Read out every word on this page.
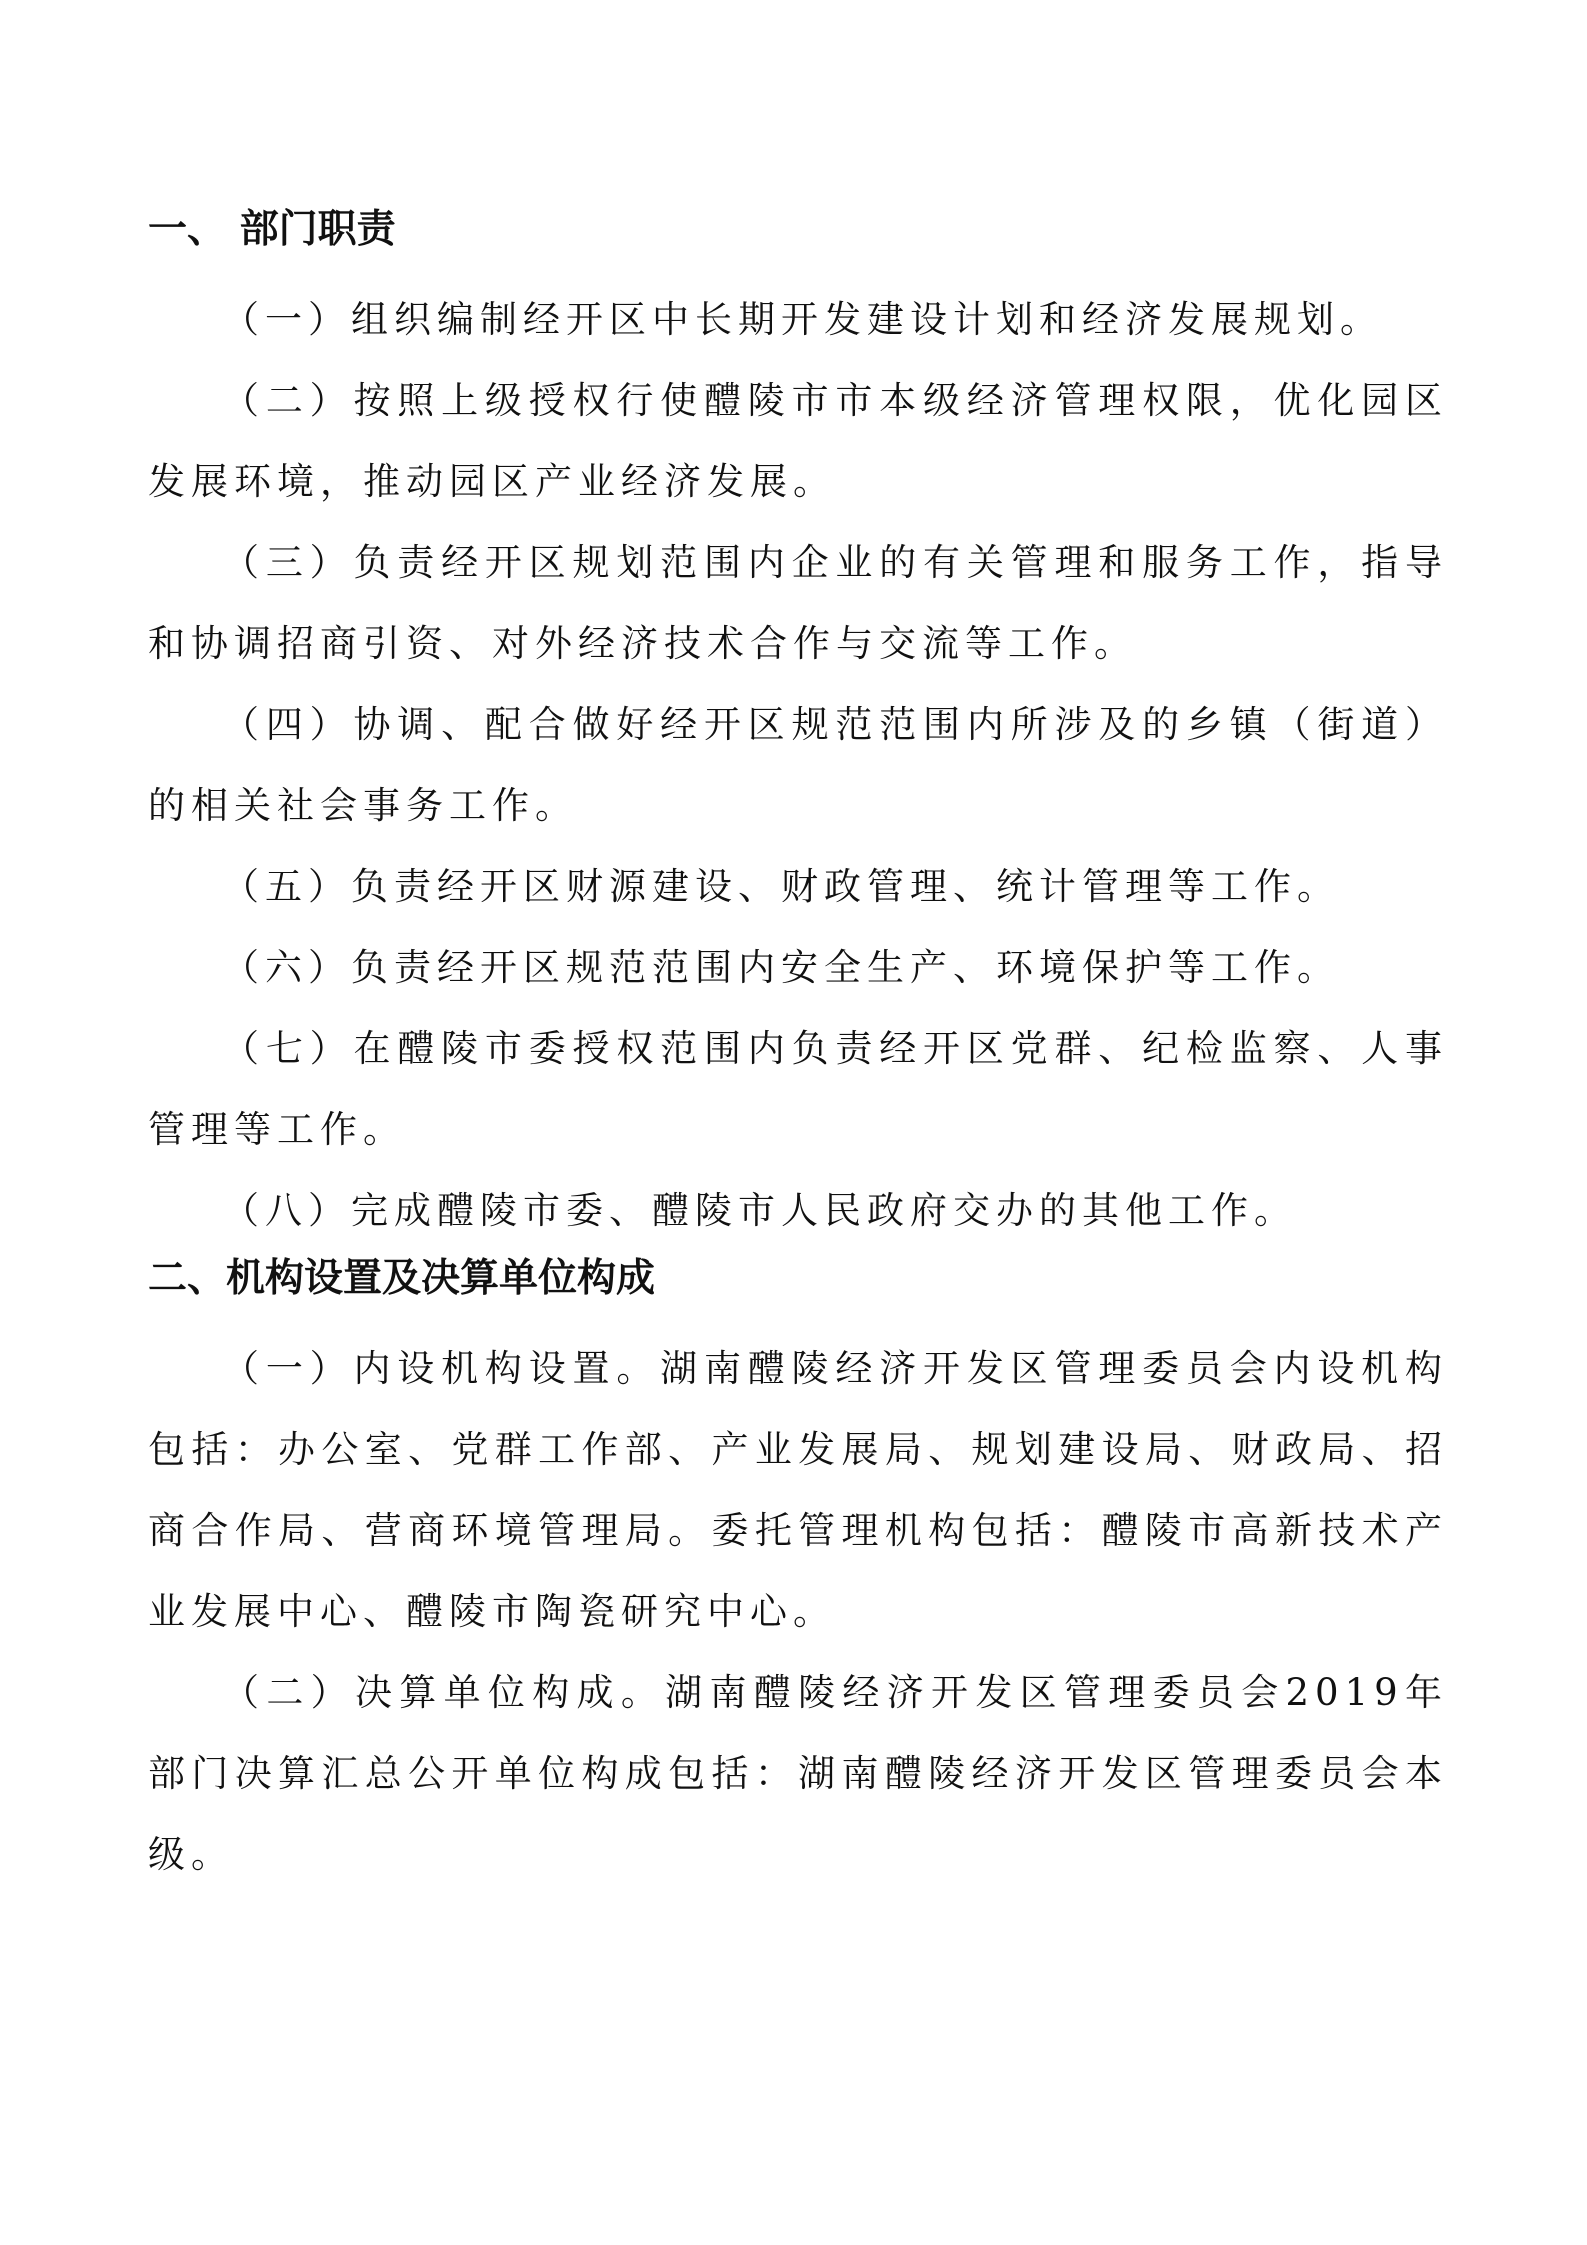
一、 部门职责

（一）组织编制经开区中长期开发建设计划和经济发展规划。

（二）按照上级授权行使醴陵市市本级经济管理权限，优化园区发展环境，推动园区产业经济发展。

（三）负责经开区规划范围内企业的有关管理和服务工作，指导和协调招商引资、对外经济技术合作与交流等工作。

（四）协调、配合做好经开区规范范围内所涉及的乡镇（街道）的相关社会事务工作。

（五）负责经开区财源建设、财政管理、统计管理等工作。

（六）负责经开区规范范围内安全生产、环境保护等工作。

（七）在醴陵市委授权范围内负责经开区党群、纪检监察、人事管理等工作。

（八）完成醴陵市委、醴陵市人民政府交办的其他工作。

二、机构设置及决算单位构成

（一）内设机构设置。湖南醴陵经济开发区管理委员会内设机构包括：办公室、党群工作部、产业发展局、规划建设局、财政局、招商合作局、营商环境管理局。委托管理机构包括：醴陵市高新技术产业发展中心、醴陵市陶瓷研究中心。

（二）决算单位构成。湖南醴陵经济开发区管理委员会2019年部门决算汇总公开单位构成包括：湖南醴陵经济开发区管理委员会本级。
